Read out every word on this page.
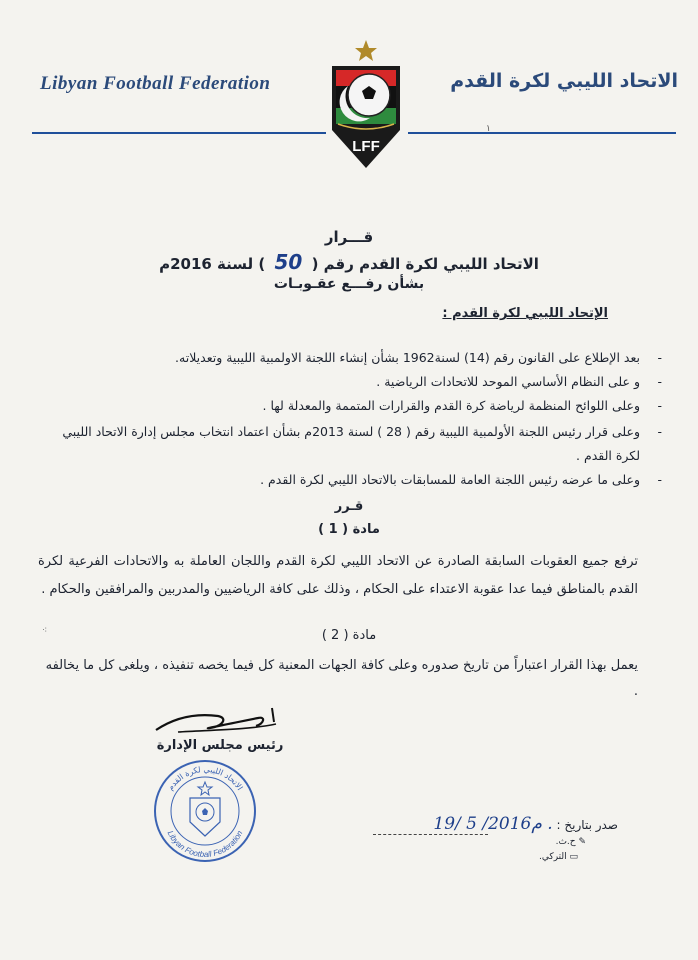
Libyan Football Federation	الاتحاد الليبي لكرة القدم
١
LFF
قـــرار
الاتحاد الليبي لكرة القدم رقم ( 50 ) لسنة 2016م
بشأن رفـــع عقـوبـات
الإتحاد الليبي لكرة القدم :
-
بعد الإطلاع على القانون رقم (14) لسنة1962 بشأن إنشاء اللجنة الاولمبية الليبية وتعديلاته.
-
و على النظام الأساسي الموحد للاتحادات الرياضية .
-
وعلى اللوائح المنظمة لرياضة كرة القدم والقرارات المتممة والمعدلة لها .
-
وعلى قرار رئيس اللجنة الأولمبية الليبية رقم ( 28 ) لسنة 2013م بشأن اعتماد انتخاب مجلس إدارة الاتحاد الليبي لكرة القدم .
-
وعلى ما عرضه رئيس اللجنة العامة للمسابقات بالاتحاد الليبي لكرة القدم .
قـرر
مادة ( 1 )
ترفع جميع العقوبات السابقة الصادرة عن الاتحاد الليبي لكرة القدم واللجان العاملة به والاتحادات الفرعية لكرة القدم بالمناطق فيما عدا عقوبة الاعتداء على الحكام ، وذلك على كافة الرياضيين والمدربين والمرافقين والحكام .
⁖	مادة ( 2 )
يعمل بهذا القرار اعتباراً من تاريخ صدوره وعلى كافة الجهات المعنية كل فيما يخصه تنفيذه ، ويلغى كل ما يخالفه .
رئيس مجلس الإدارة
الاتحاد الليبي لكرة القدم
Libyan Football Federation
صدر بتاريخ : 19/ 5 /2016م .
✎ ح.ث.
▭ التركي.
